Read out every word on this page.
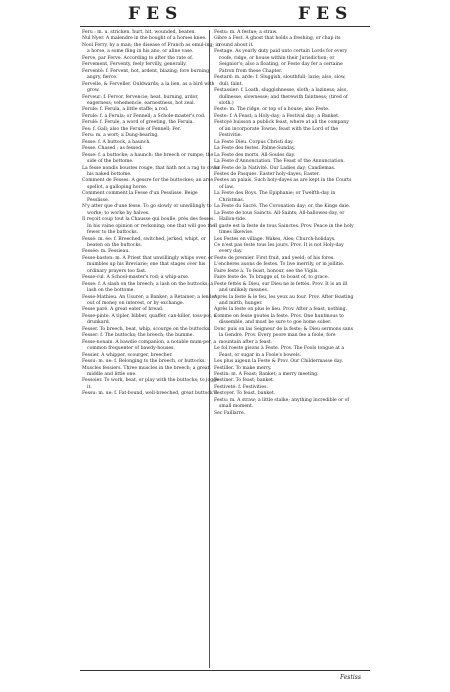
FES	FES

Feru : m. u. stricken, hurt, hit, wounded, beaten.

Nul Nyer. A malendre in the bought of a horses knee.

Nool Ferry, by a man; the disease of Franch as emul-ing; in a horse, a some fling in his ano, or aline vase.

Ferve, par Ferve. According to after the rate of.

Fervement, Ferventy, feely fervilly, generally.

Ferventé: f. Fervent, hot, ardent, blazing; fore burning; angry, fierce.

Fervelle, & Ferveller. Ouldwards; a la lien, as a bird with grow.

Ferveur: f. Fervor, fervencie; heat, burning, ardor, eagerness; vehemencie, earnestness, hot zeal.

Ferule: f. Ferula, a little staffe; a rod.

Ferule: f. a Ferula; or Fennell; a Schole-master's rod.

Ferulé: f. Ferule, a word of greeting, the Ferula.

Fes: f. Gall; also the Ferule of Fennell; Fer.

Feru: m. a wort; a Dung-bearing.

Fesse: f. A buttock, a haunch.

Fesse. Chased ; as fessed.

Fesse: f. a buttocke; a haunch: the breech or rumpe; the side of the bottome.

La fesse nondis boustes rouge, that hath not a rag to cover his naked bottome.

Comment de Fesses. A gessre for the buttockes; an arse spellot, a galloping horse.

Comment comment la Fesse d'un Pesslisse. Beige Pesslisse.

N'y atter que d'une fesse. To go slowly or unwillingly to worke; to worke by halves.

Il reçoit coup tout la Chausse qui boulle, prés des fesses. In his vaine opinion or reckoning; one that will goe the fewer to the battocks.

Fessé: m. ée: f. Breeched, switched, jerked, whipt, or beaten on the buttocks.

Fessée: m. Fessieau.

Fesse-baston: m. A Priest that unwillingly whips over, or mumbles up his Breviarie; one that stages over his ordinary prayers too fast.

Fesse-cul. A School-master's rod; a whip-arse.

Fesse: f. A slash on the breech; a lash on the buttocks; a lash on the bottome.

Fesse-Mathieu. An Usurer; a Banker; a Retainer; a lender out of money on interest, or by exchange.

Fesse paré. A great eater of bread.

Fesse-pinte. A tipler, bibber, quaffer, can-killer, toss-pot, a drunkard.

Fesser. To breech, beat, whip, scourge on the buttocks.

Fesser: f. The buttocks; the breech; the bumme.

Fesse-nonain. A bawdie companion, a notable mum-per, a common frequenter of bawdy-houses.

Fessier. A whipper, scourger, breecher.

Fessu: m. ue: f. Belonging to the breech, or buttocks.

Muscles fessiers. Three muscles in the breech; a great, middle and little one.

Fessoier. To work, beat, or play with the buttocks; to jogge it.

Fessu: m. ue: f. Fat-bound, well-breeched, great buttock'd.

Festu: m. A festue; a straw.

Gibre a Fest. A ghost that holds a freshing, or chap its round about it.

Festage. As yearly duty paid unto certain Lords for every roofe, ridge, or house within their Jurisdiction; or Seignior's; also a floating, or Feste day fer a certaine Patron from these Chapter.

Festard: m. arde: f. Sluggish, slouthfull; lazie; also, slow, dull, faint.

Festassier: f. Loath, sluggishnesse, sloth; a laziness; also, dullnesse, slownesse; and therewith faintness; (tired of sloth.)

Feste: m. The ridge, or top of a house; also Feste.

Feste: f. A Feast; a Holy-day; a Festival day; a Banket.

Festoyé buisson a publick feast, where at all the company of an incorporate Towne, feast with the Lord of the Festivitie.

La Feste Dieu. Corpus Christi day.

La Feste des festes. Palme-Sunday.

La Feste des morts. All-Soules day.

La Feste d'Annonciation. The Feast of the Annunciation.

La Feste de la Nativité. Our Ladies day; Candlemas.

Festes de Pasques. Easter holy-dayes; Easter.

Festes an palais. Such holy-dayes as are kept in the Courts of law.

La Feste des Roys. The Epiphanie; or Twelfth-day in Christmas.

La Feste du Sacré. The Coronation day; or, the Kings daie.

La Feste de tous Saincts. All-Saints; All-hallowes-day, or Hallon-tide.

Il gaste est la feste de tous Sainctes. Prov. Peace in the holy times likewise.

Les Festes en village. Wakes, Ales; Church-holidays.

Ce n'est pas feste tous les jours. Prov. It is not Holy-day every day.

Feste de premier. First fruit, and yeeld; of his fores.

L'encheres auons de festes. To live merrily, or in jollitie.

Faire feste à. To feast, honour, see the Vigils.

Faire feste de. To bragge of, to boast of, to grace.

Feste fettés & Dieu, sur Dieu ne le fettés. Prov. It is an ill and unlikely meanes.

Après la feste & le feu, les yeux au four. Prov. After feasting and mirth, hunger.

Après la feste on plus le lieu. Prov. After a feast, nothing.

Comme on fesse goutes la feste. Prov. One huntmous to dissemble, and must be sure to goe home sober.

Donc puis on las Seigneur de la feste; & Dieu sermons sans la Gendre. Prov. Every poore man fee a foole, fore mountain after a feast.

Le fol roeste gisons à Feste. Prov. The Fools tongue at a Feast, or sugar in a Foole's bowels.

Les plus aigeun la Feste & Prov. Our Childermasse day.

Festiller. To make merry.

Festin: m. A Feast; Banket; a merry meeting.

Festiner. To feast; banket.

Festiveté: f. Festivities.

Festoyer. To feast, banket.

Festu: m. A straw; a little stalke; anything incredible or of small moment.

Sec Faillarre.

Festiss
